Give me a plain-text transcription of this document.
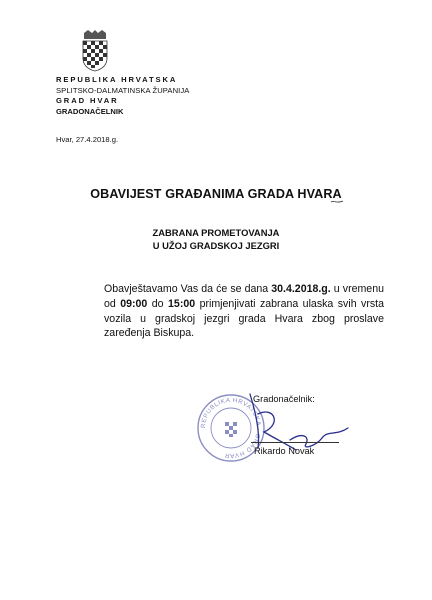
REPUBLIKA HRVATSKA
SPLITSKO-DALMATINSKA ŽUPANIJA
GRAD HVAR
GRADONAČELNIK
Hvar, 27.4.2018.g.
OBAVIJEST GRAĐANIMA GRADA HVARA
ZABRANA PROMETOVANJA
U UŽOJ GRADSKOJ JEZGRI
Obavještavamo Vas da će se dana 30.4.2018.g. u vremenu od 09:00 do 15:00 primjenjivati zabrana ulaska svih vrsta vozila u gradskoj jezgri grada Hvara zbog proslave zaređenja Biskupa.
REPUBLIKA HRVATSKA · GRAD HVAR
Gradonačelnik:
Rikardo Novak
